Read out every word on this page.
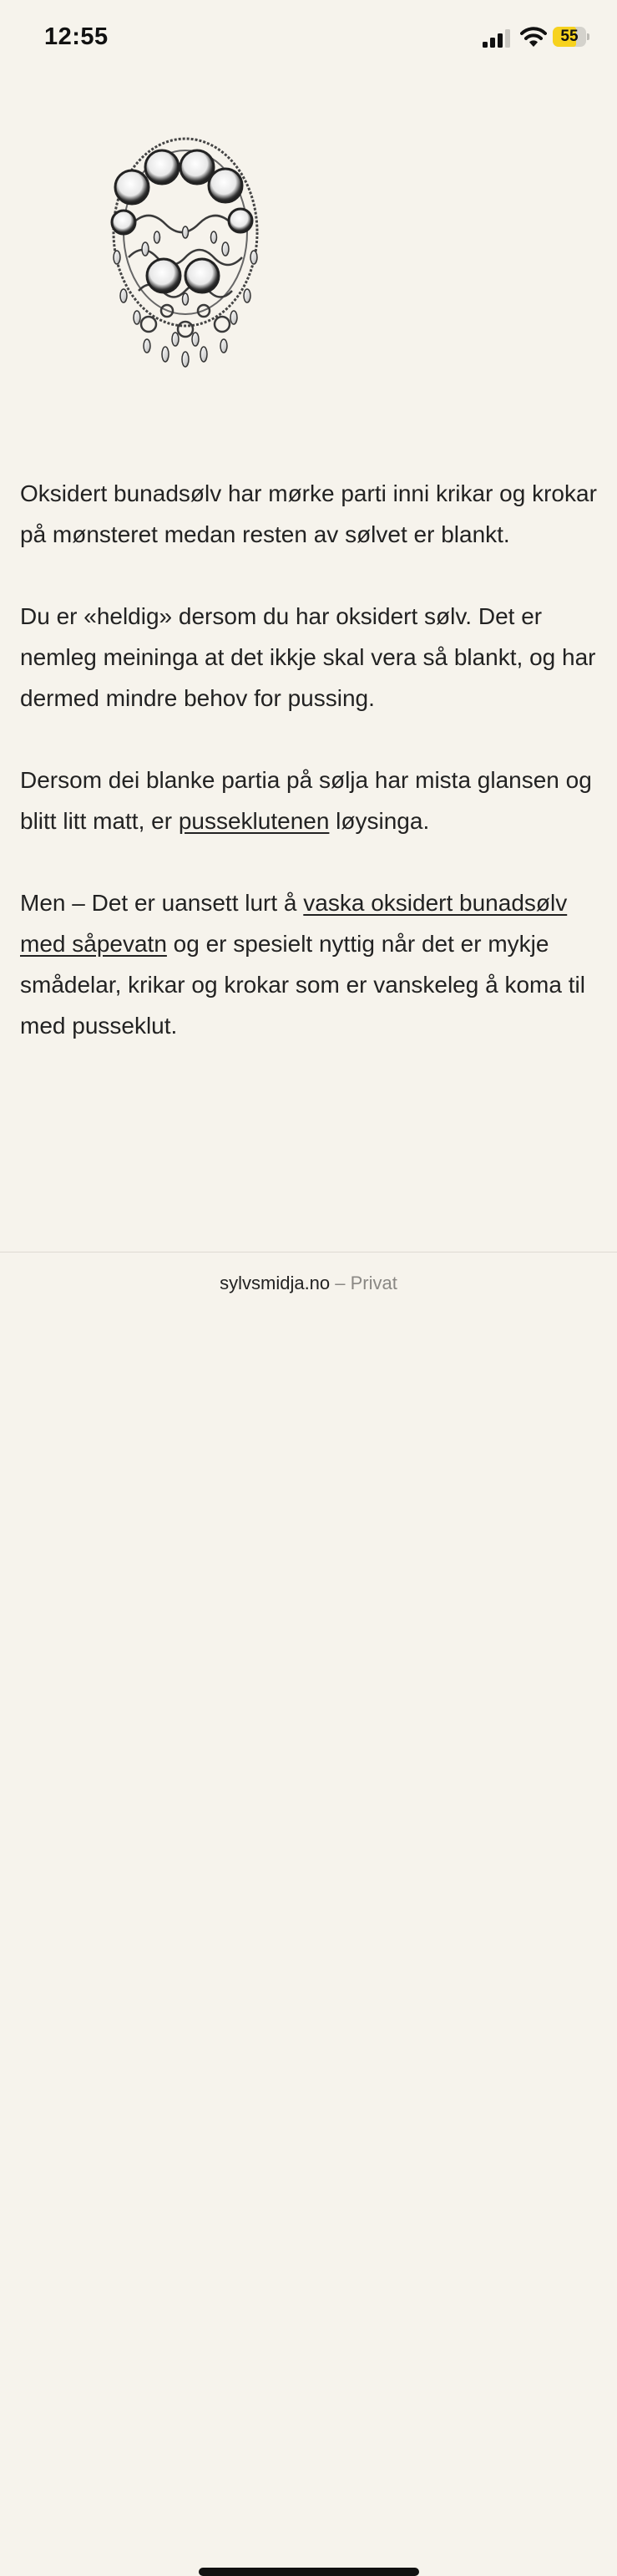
12:55	55

Oksidert bunadsølv har mørke parti inni krikar og krokar på mønsteret medan resten av sølvet er blankt.

Du er «heldig» dersom du har oksidert sølv. Det er nemleg meininga at det ikkje skal vera så blankt, og har dermed mindre behov for pussing.

Dersom dei blanke partia på sølja har mista glansen og blitt litt matt, er pusseklutenen løysinga.

Men – Det er uansett lurt å vaska oksidert bunadsølv med såpevatn og er spesielt nyttig når det er mykje smådelar, krikar og krokar som er vanskeleg å koma til med pusseklut.

sylvsmidja.no – Privat
